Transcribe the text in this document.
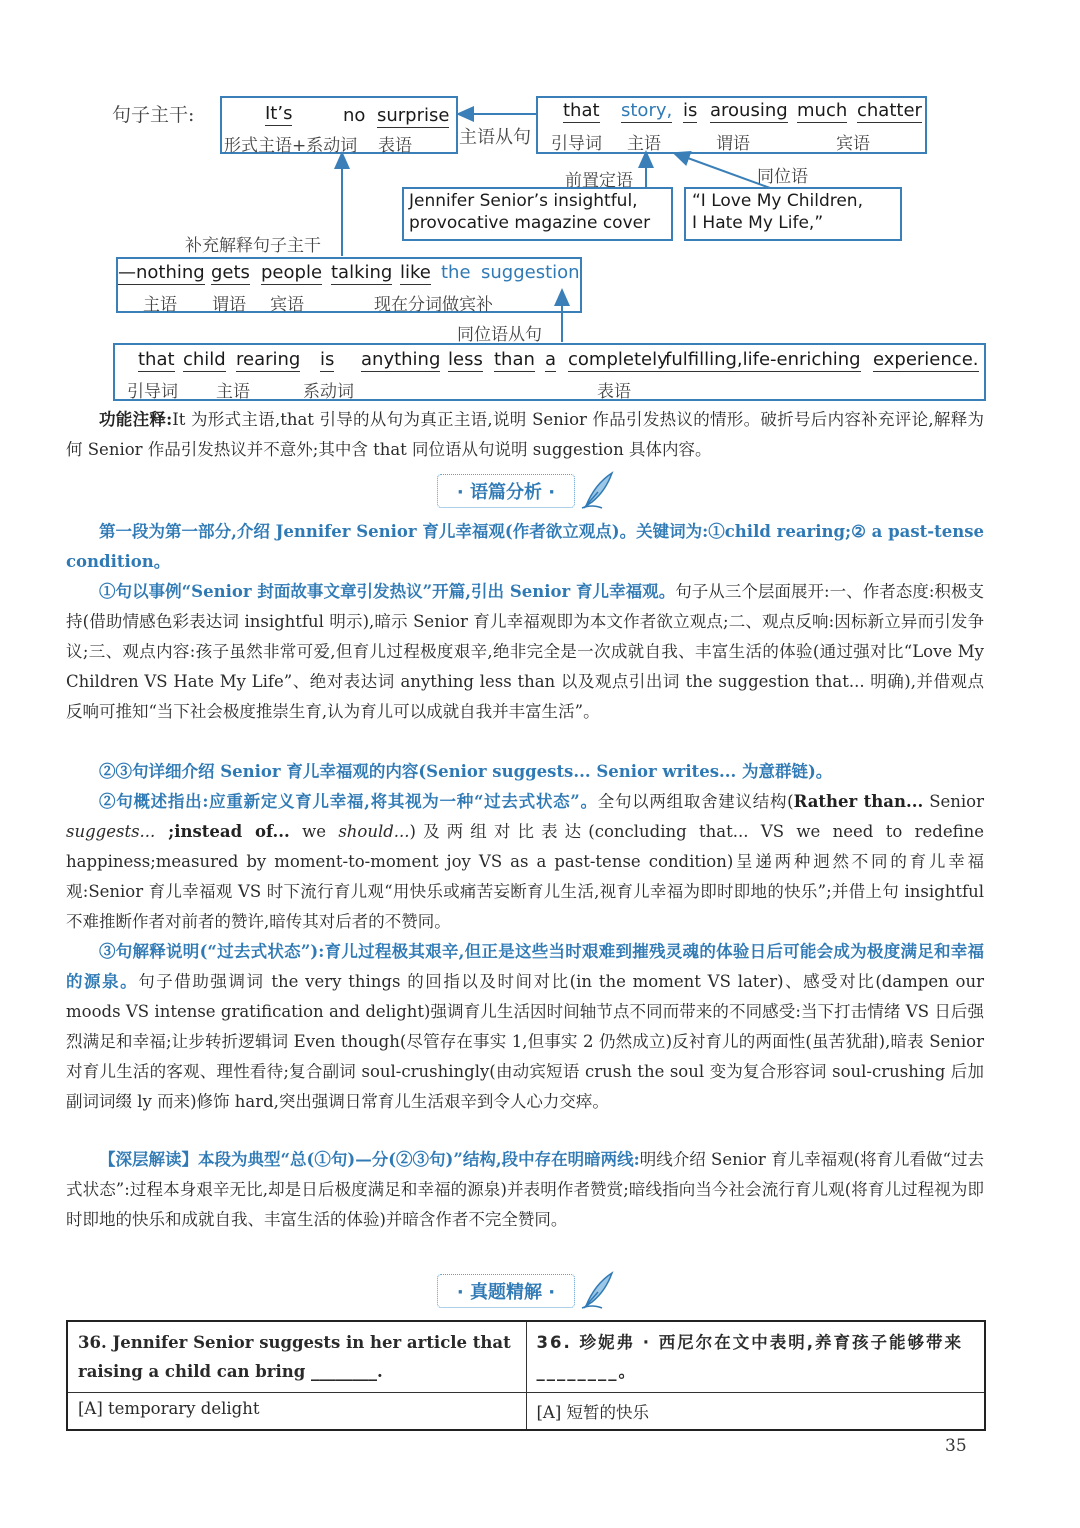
句子主干:	It’s	no surprise
形式主语+系动词 表语	主语从句
that story, is arousing much chatter
引导词 主语	谓语	宾语
前置定语	同位语
Jennifer Senior’s insightful,
provocative magazine cover
“I Love My Children,
I Hate My Life,”
补充解释句子主干
—nothing gets people talking like the suggestion
主语 谓语 宾语	现在分词做宾补
同位语从句
that child rearing is anything less than a completely
fulfilling,life-enriching experience.
引导词 主语	系动词	表语
功能注释:It 为形式主语,that 引导的从句为真正主语,说明 Senior 作品引发热议的情形。破折号后内容补充评论,解释为何 Senior 作品引发热议并不意外;其中含 that 同位语从句说明 suggestion 具体内容。
· 语篇分析 ·
第一段为第一部分,介绍 Jennifer Senior 育儿幸福观(作者欲立观点)。关键词为:①child rearing;② a past-tense condition。
①句以事例“Senior 封面故事文章引发热议”开篇,引出 Senior 育儿幸福观。句子从三个层面展开:一、作者态度:积极支持(借助情感色彩表达词 insightful 明示),暗示 Senior 育儿幸福观即为本文作者欲立观点;二、观点反响:因标新立异而引发争议;三、观点内容:孩子虽然非常可爱,但育儿过程极度艰辛,绝非完全是一次成就自我、丰富生活的体验(通过强对比“Love My Children VS Hate My Life”、绝对表达词 anything less than 以及观点引出词 the suggestion that... 明确),并借观点反响可推知“当下社会极度推崇生育,认为育儿可以成就自我并丰富生活”。
②③句详细介绍 Senior 育儿幸福观的内容(Senior suggests... Senior writes... 为意群链)。
②句概述指出:应重新定义育儿幸福,将其视为一种“过去式状态”。全句以两组取舍建议结构(Rather than... Senior suggests... ;instead of... we should...)及两组对比表达(concluding that... VS we need to redefine happiness;measured by moment-to-moment joy VS as a past-tense condition)呈递两种迥然不同的育儿幸福观:Senior 育儿幸福观 VS 时下流行育儿观“用快乐或痛苦妄断育儿生活,视育儿幸福为即时即地的快乐”;并借上句 insightful 不难推断作者对前者的赞许,暗传其对后者的不赞同。
③句解释说明(“过去式状态”):育儿过程极其艰辛,但正是这些当时艰难到摧残灵魂的体验日后可能会成为极度满足和幸福的源泉。句子借助强调词 the very things 的回指以及时间对比(in the moment VS later)、感受对比(dampen our moods VS intense gratification and delight)强调育儿生活因时间轴节点不同而带来的不同感受:当下打击情绪 VS 日后强烈满足和幸福;让步转折逻辑词 Even though(尽管存在事实 1,但事实 2 仍然成立)反衬育儿的两面性(虽苦犹甜),暗表 Senior 对育儿生活的客观、理性看待;复合副词 soul-crushingly(由动宾短语 crush the soul 变为复合形容词 soul-crushing 后加副词词缀 ly 而来)修饰 hard,突出强调日常育儿生活艰辛到令人心力交瘁。
【深层解读】本段为典型“总(①句)—分(②③句)”结构,段中存在明暗两线:明线介绍 Senior 育儿幸福观(将育儿看做“过去式状态”:过程本身艰辛无比,却是日后极度满足和幸福的源泉)并表明作者赞赏;暗线指向当今社会流行育儿观(将育儿过程视为即时即地的快乐和成就自我、丰富生活的体验)并暗含作者不完全赞同。
· 真题精解 ·
36. Jennifer Senior suggests in her article that raising a child can bring ________.	36. 珍妮弗 · 西尼尔在文中表明,养育孩子能够带来 ________。
[A] temporary delight	[A] 短暂的快乐
35
